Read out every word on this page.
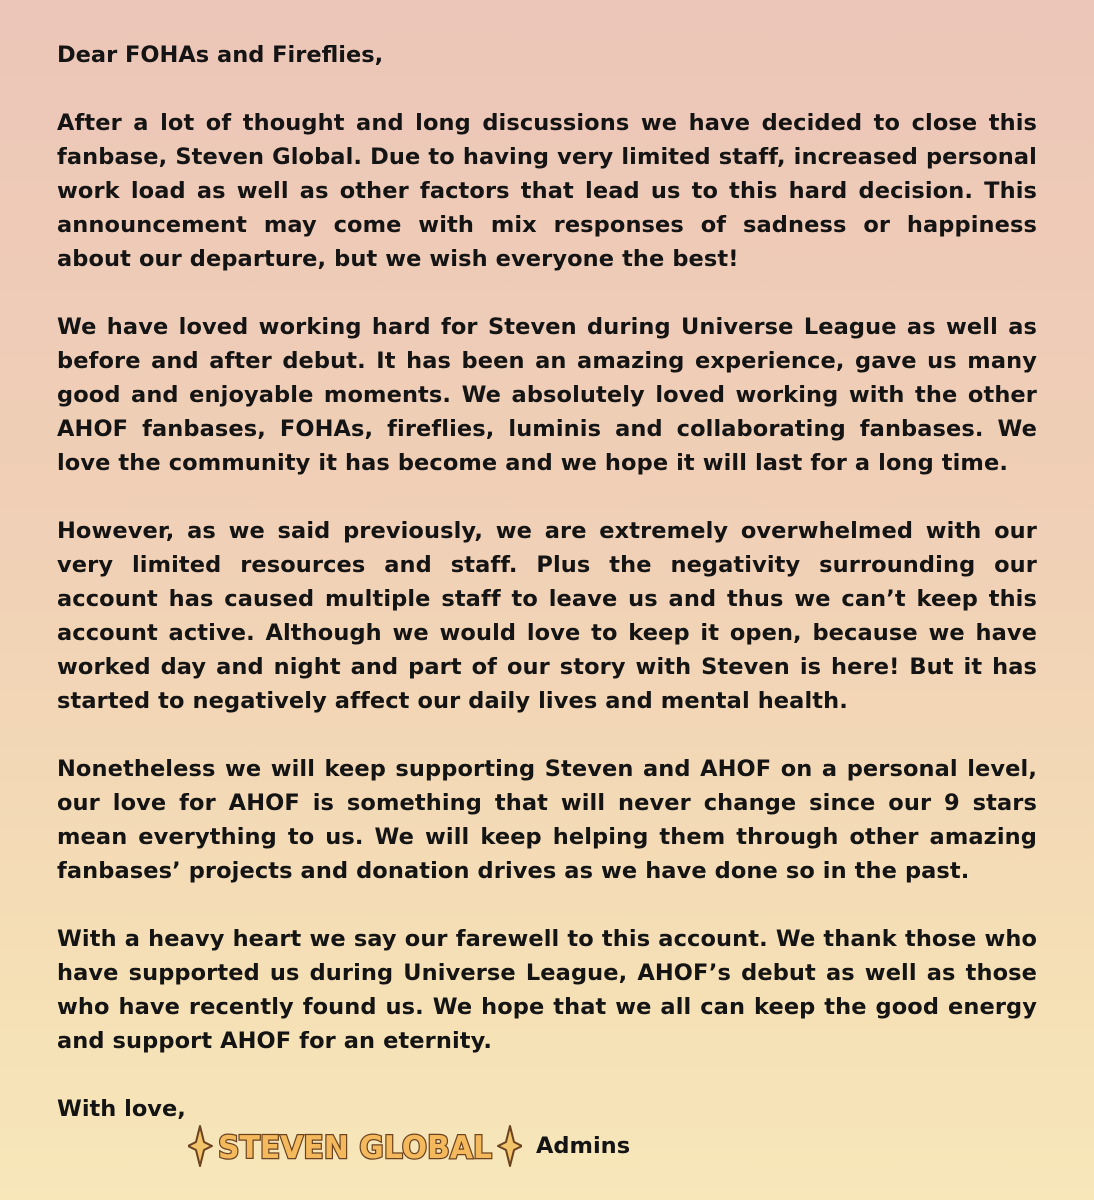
Dear FOHAs and Fireflies,

After a lot of thought and long discussions we have decided to close this fanbase, Steven Global. Due to having very limited staff, increased personal work load as well as other factors that lead us to this hard decision. This announcement may come with mix responses of sadness or happiness about our departure, but we wish everyone the best!

We have loved working hard for Steven during Universe League as well as before and after debut. It has been an amazing experience, gave us many good and enjoyable moments. We absolutely loved working with the other AHOF fanbases, FOHAs, fireflies, luminis and collaborating fanbases. We love the community it has become and we hope it will last for a long time.

However, as we said previously, we are extremely overwhelmed with our very limited resources and staff. Plus the negativity surrounding our account has caused multiple staff to leave us and thus we can’t keep this account active. Although we would love to keep it open, because we have worked day and night and part of our story with Steven is here! But it has started to negatively affect our daily lives and mental health.

Nonetheless we will keep supporting Steven and AHOF on a personal level, our love for AHOF is something that will never change since our 9 stars mean everything to us. We will keep helping them through other amazing fanbases’ projects and donation drives as we have done so in the past.

With a heavy heart we say our farewell to this account. We thank those who have supported us during Universe League, AHOF’s debut as well as those who have recently found us. We hope that we all can keep the good energy and support AHOF for an eternity.

With love,

STEVEN GLOBAL Admins
